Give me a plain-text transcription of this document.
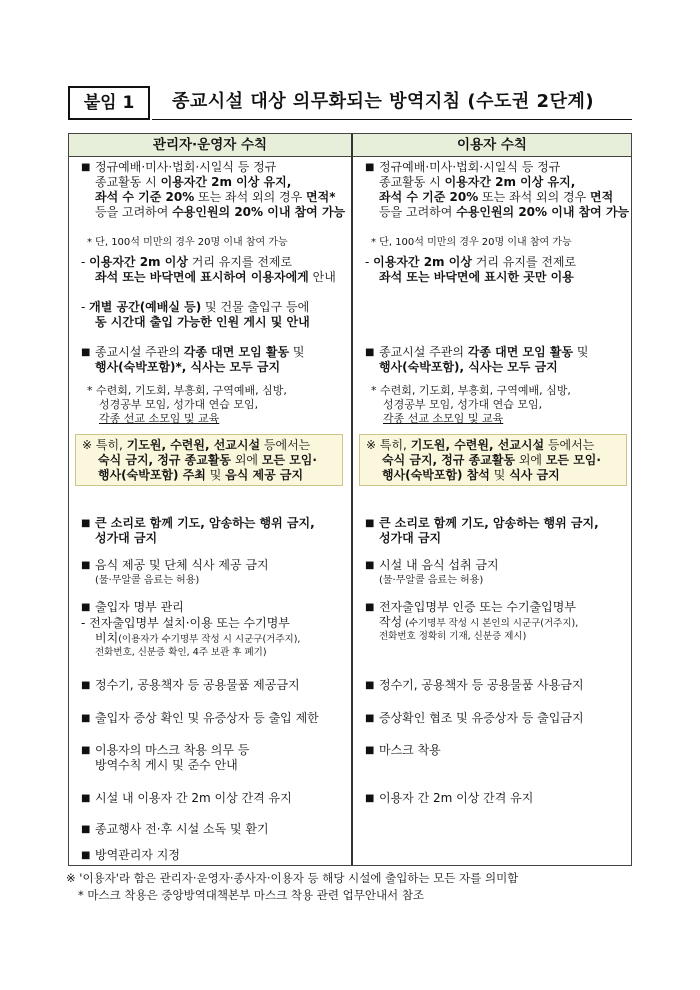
붙임 1	종교시설 대상 의무화되는 방역지침 (수도권 2단계)
관리자·운영자 수칙	이용자 수칙
■ 정규예배·미사·법회·시일식 등 정규
종교활동 시 이용자간 2m 이상 유지,
좌석 수 기준 20% 또는 좌석 외의 경우 면적*
등을 고려하여 수용인원의 20% 이내 참여 가능
* 단, 100석 미만의 경우 20명 이내 참여 가능
- 이용자간 2m 이상 거리 유지를 전제로
좌석 또는 바닥면에 표시하여 이용자에게 안내
- 개별 공간(예배실 등) 및 건물 출입구 등에
동 시간대 출입 가능한 인원 게시 및 안내
■ 종교시설 주관의 각종 대면 모임 활동 및
행사(숙박포함)*, 식사는 모두 금지
* 수련회, 기도회, 부흥회, 구역예배, 심방,
성경공부 모임, 성가대 연습 모임,
각종 선교 소모임 및 교육
※ 특히, 기도원, 수련원, 선교시설 등에서는
숙식 금지, 정규 종교활동 외에 모든 모임·
행사(숙박포함) 주최 및 음식 제공 금지
■ 큰 소리로 함께 기도, 암송하는 행위 금지,
성가대 금지
■ 음식 제공 및 단체 식사 제공 금지
(물·무알콜 음료는 허용)
■ 출입자 명부 관리
- 전자출입명부 설치·이용 또는 수기명부
비치(이용자가 수기명부 작성 시 시군구(거주지),
전화번호, 신분증 확인, 4주 보관 후 폐기)
■ 정수기, 공용책자 등 공용물품 제공금지
■ 출입자 증상 확인 및 유증상자 등 출입 제한
■ 이용자의 마스크 착용 의무 등
방역수칙 게시 및 준수 안내
■ 시설 내 이용자 간 2m 이상 간격 유지
■ 종교행사 전·후 시설 소독 및 환기
■ 방역관리자 지정
■ 정규예배·미사·법회·시일식 등 정규
종교활동 시 이용자간 2m 이상 유지,
좌석 수 기준 20% 또는 좌석 외의 경우 면적
등을 고려하여 수용인원의 20% 이내 참여 가능
* 단, 100석 미만의 경우 20명 이내 참여 가능
- 이용자간 2m 이상 거리 유지를 전제로
좌석 또는 바닥면에 표시한 곳만 이용
■ 종교시설 주관의 각종 대면 모임 활동 및
행사(숙박포함), 식사는 모두 금지
* 수련회, 기도회, 부흥회, 구역예배, 심방,
성경공부 모임, 성가대 연습 모임,
각종 선교 소모임 및 교육
※ 특히, 기도원, 수련원, 선교시설 등에서는
숙식 금지, 정규 종교활동 외에 모든 모임·
행사(숙박포함) 참석 및 식사 금지
■ 큰 소리로 함께 기도, 암송하는 행위 금지,
성가대 금지
■ 시설 내 음식 섭취 금지
(물·무알콜 음료는 허용)
■ 전자출입명부 인증 또는 수기출입명부
작성 (수기명부 작성 시 본인의 시군구(거주지),
전화번호 정확히 기재, 신분증 제시)
■ 정수기, 공용책자 등 공용물품 사용금지
■ 증상확인 협조 및 유증상자 등 출입금지
■ 마스크 착용
■ 이용자 간 2m 이상 간격 유지
※ '이용자'라 함은 관리자·운영자·종사자·이용자 등 해당 시설에 출입하는 모든 자를 의미함
* 마스크 착용은 중앙방역대책본부 마스크 착용 관련 업무안내서 참조
